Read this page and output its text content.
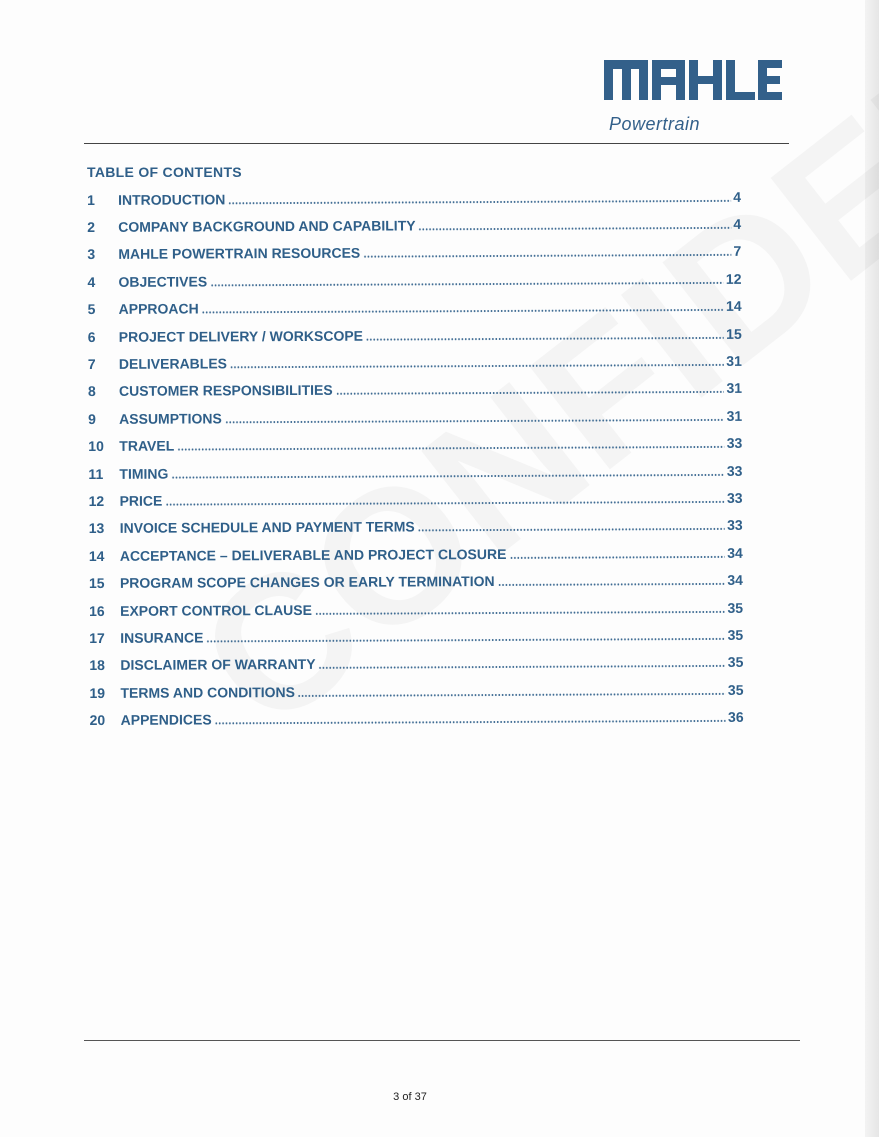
Powertrain
TABLE OF CONTENTS
1	INTRODUCTION	4
2	COMPANY BACKGROUND AND CAPABILITY	4
3	MAHLE POWERTRAIN RESOURCES	7
4	OBJECTIVES	12
5	APPROACH	14
6	PROJECT DELIVERY / WORKSCOPE	15
7	DELIVERABLES	31
8	CUSTOMER RESPONSIBILITIES	31
9	ASSUMPTIONS	31
10	TRAVEL	33
11	TIMING	33
12	PRICE	33
13	INVOICE SCHEDULE AND PAYMENT TERMS	33
14	ACCEPTANCE – DELIVERABLE AND PROJECT CLOSURE	34
15	PROGRAM SCOPE CHANGES OR EARLY TERMINATION	34
16	EXPORT CONTROL CLAUSE	35
17	INSURANCE	35
18	DISCLAIMER OF WARRANTY	35
19	TERMS AND CONDITIONS	35
20	APPENDICES	36
3 of 37
